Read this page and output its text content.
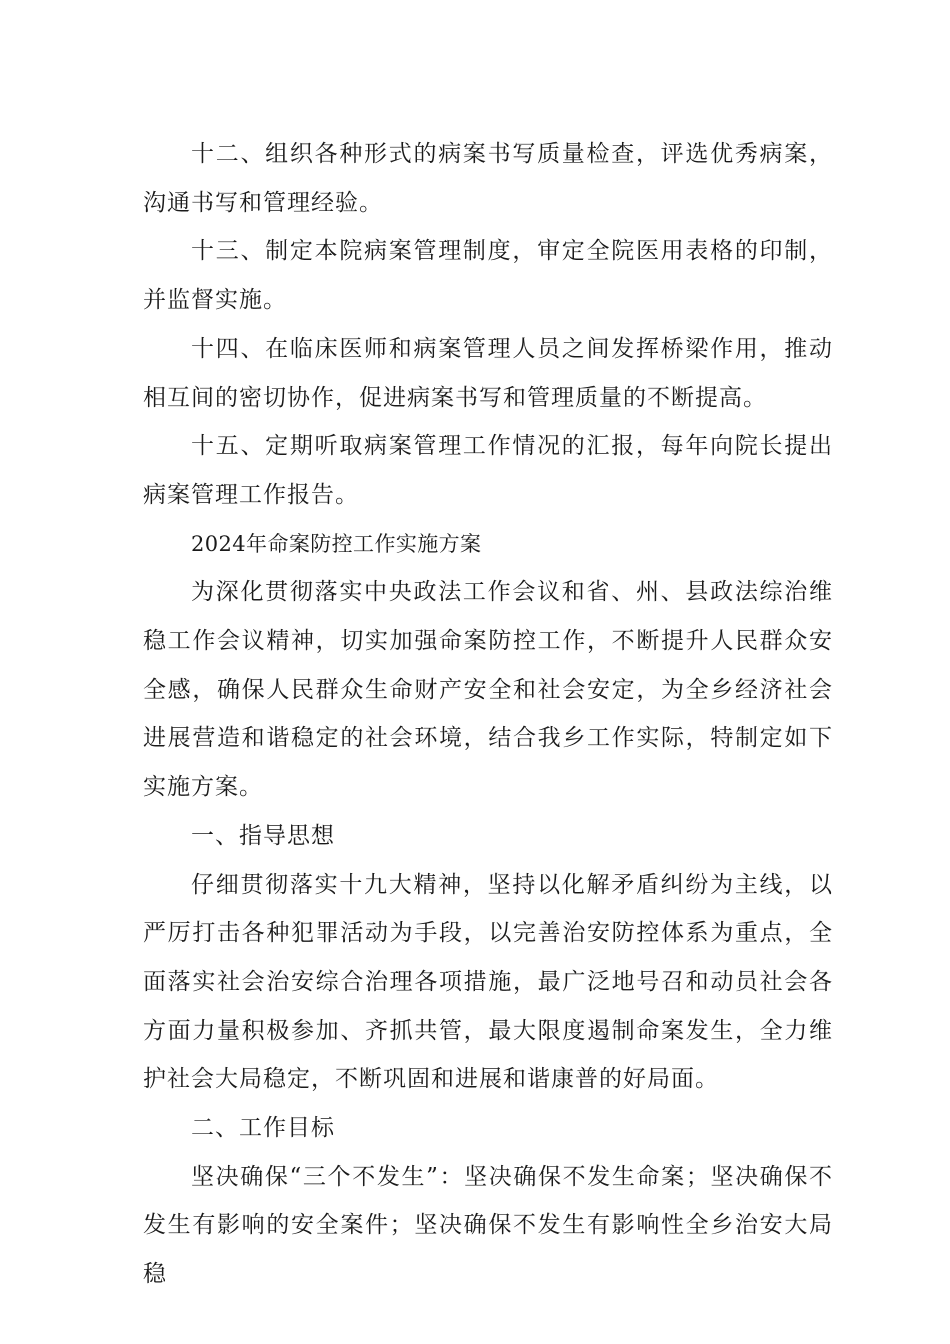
十二、组织各种形式的病案书写质量检查，评选优秀病案，沟通书写和管理经验。

十三、制定本院病案管理制度，审定全院医用表格的印制，并监督实施。

十四、在临床医师和病案管理人员之间发挥桥梁作用，推动相互间的密切协作，促进病案书写和管理质量的不断提高。

十五、定期听取病案管理工作情况的汇报，每年向院长提出病案管理工作报告。

2024年命案防控工作实施方案

为深化贯彻落实中央政法工作会议和省、州、县政法综治维稳工作会议精神，切实加强命案防控工作，不断提升人民群众安全感，确保人民群众生命财产安全和社会安定，为全乡经济社会进展营造和谐稳定的社会环境，结合我乡工作实际，特制定如下实施方案。

一、指导思想

仔细贯彻落实十九大精神，坚持以化解矛盾纠纷为主线，以严厉打击各种犯罪活动为手段，以完善治安防控体系为重点，全面落实社会治安综合治理各项措施，最广泛地号召和动员社会各方面力量积极参加、齐抓共管，最大限度遏制命案发生，全力维护社会大局稳定，不断巩固和进展和谐康普的好局面。

二、工作目标

坚决确保“三个不发生”：坚决确保不发生命案；坚决确保不发生有影响的安全案件；坚决确保不发生有影响性全乡治安大局稳
